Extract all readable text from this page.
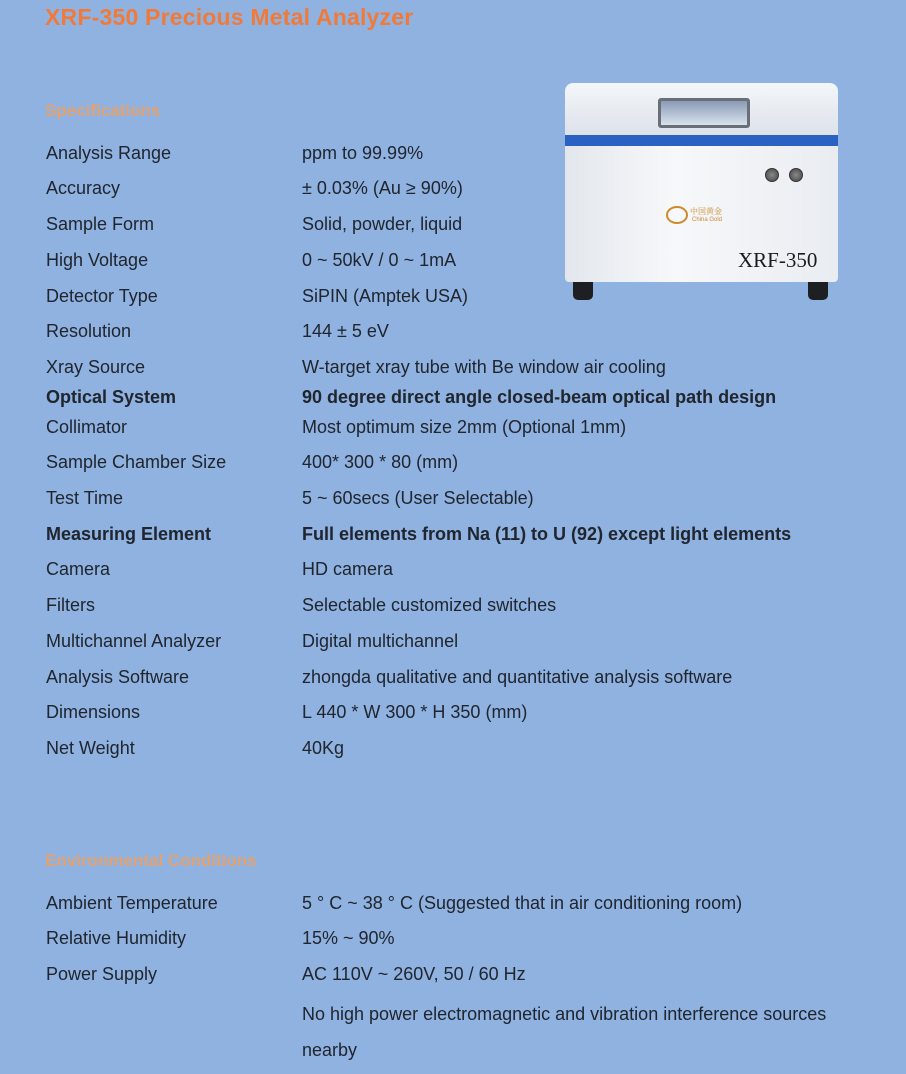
XRF-350 Precious Metal Analyzer
Specifications
中国黄金
China Gold
XRF-350
Analysis Range	ppm to 99.99%
Accuracy	± 0.03% (Au ≥ 90%)
Sample Form	Solid, powder, liquid
High Voltage	0 ~ 50kV / 0 ~ 1mA
Detector Type	SiPIN (Amptek USA)
Resolution	144 ± 5 eV
Xray Source	W-target xray tube with Be window air cooling
Optical System	90 degree direct angle closed-beam optical path design
Collimator	Most optimum size 2mm (Optional 1mm)
Sample Chamber Size	400* 300 * 80 (mm)
Test Time	5 ~ 60secs (User Selectable)
Measuring Element	Full elements from Na (11) to U (92) except light elements
Camera	HD camera
Filters	Selectable customized switches
Multichannel Analyzer	Digital multichannel
Analysis Software	zhongda qualitative and quantitative analysis software
Dimensions	L 440 * W 300 * H 350 (mm)
Net Weight	40Kg
Environmental Conditions
Ambient Temperature	5 ° C ~ 38 ° C (Suggested that in air conditioning room)
Relative Humidity	15% ~ 90%
Power Supply	AC 110V ~ 260V, 50 / 60 Hz
No high power electromagnetic and vibration interference sources nearby
